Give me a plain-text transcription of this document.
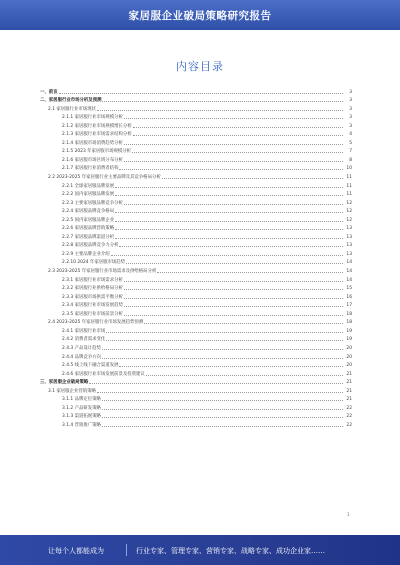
家居服企业破局策略研究报告
内容目录
一、前言	3
二、家居服行业市场分析及预测	3
2.1 家居服行业市场现状	3
2.1.1 家居服行业市场规模分析	3
2.1.2 家居服行业市场规模增长分析	3
2.1.3 家居服行业市场需求结构分析	4
2.1.4 家居服市场消费趋势分析	5
2.1.5 2023 年家居服市场规模分析	7
2.1.6 家居服市场区域分布分析	8
2.1.7 家居服行业消费者结构	10
2.2 2023-2025 年家居服行业主要品牌及其竞争格局分析	11
2.2.1 全球家居服品牌发展	11
2.2.2 国内家居服品牌发展	11
2.2.3 主要家居服品牌竞争分析	12
2.2.4 家居服品牌竞争格局	12
2.2.5 国内家居服品牌企业	12
2.2.6 家居服品牌营销策略	13
2.2.7 家居服品牌渠道分析	13
2.2.8 家居服品牌竞争力分析	13
2.2.9 主要品牌企业介绍	13
2.2.10 2024 年家居服市场趋势	14
2.3 2023-2025 年家居服行业市场需求及供给格局分析	14
2.3.1 家居服行业市场需求分析	14
2.3.2 家居服行业供给格局分析	15
2.3.3 家居服市场供需平衡分析	16
2.3.4 家居服行业市场发展趋势	17
2.3.5 家居服行业市场前景分析	18
2.4 2023-2025 年家居服行业市场发展趋势预测	18
2.4.1 家居服行业市场	19
2.4.2 消费者需求变化	19
2.4.3 产品设计趋势	20
2.4.4 品牌竞争方向	20
2.4.5 线上线下融合渠道发展	20
2.4.6 家居服行业市场发展前景及投资建议	21
三、家居服企业破局策略	21
3.1 家居服企业营销策略	21
3.1.1 品牌定位策略	21
3.1.2 产品研发策略	22
3.1.3 渠道拓展策略	22
3.1.4 营销推广策略	22
1
让每个人都能成为	行业专家、管理专家、营销专家、战略专家、成功企业家……
